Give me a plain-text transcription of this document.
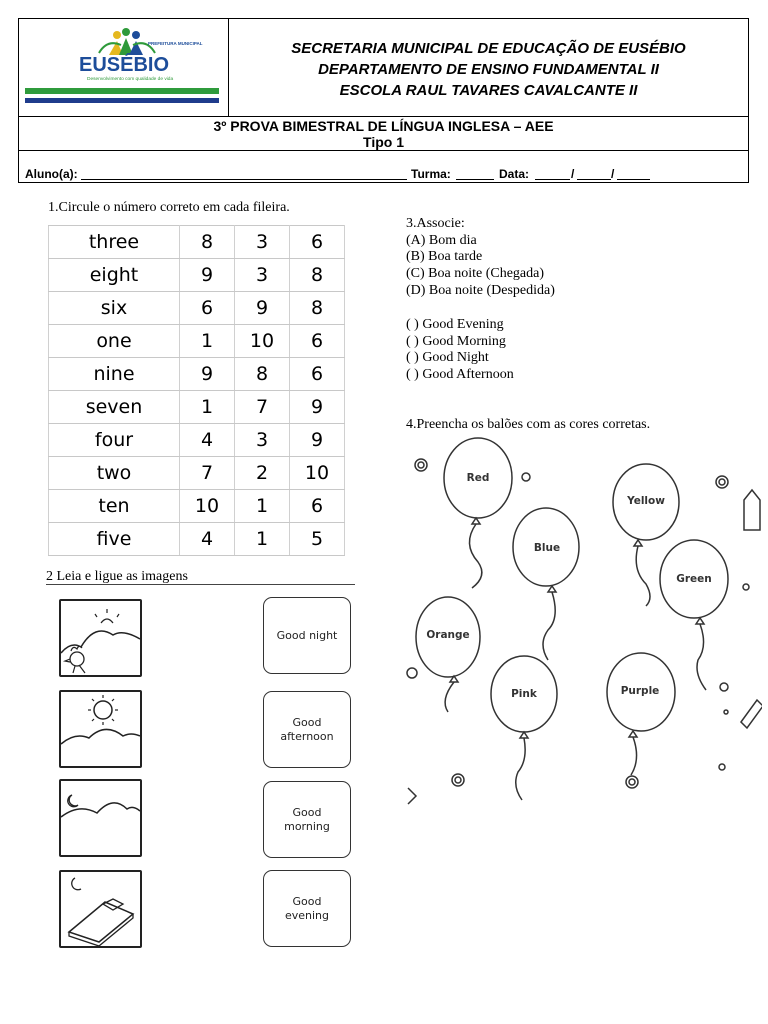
PREFEITURA MUNICIPAL
EUSÉBIO
Desenvolvimento com qualidade de vida
SECRETARIA MUNICIPAL DE EDUCAÇÃO DE EUSÉBIO
DEPARTAMENTO DE ENSINO FUNDAMENTAL II
ESCOLA RAUL TAVARES CAVALCANTE II
3º PROVA BIMESTRAL DE LÍNGUA INGLESA – AEE
Tipo 1
Aluno(a):	Turma:	Data:	/	/
1.Circule o número correto em cada fileira.
three	8	3	6
eight	9	3	8
six	6	9	8
one	1	10	6
nine	9	8	6
seven	1	7	9
four	4	3	9
two	7	2	10
ten	10	1	6
five	4	1	5
2 Leia e ligue as imagens
Good night
Good afternoon
Good morning
Good evening
3.Associe:
(A) Bom dia
(B) Boa tarde
(C) Boa noite (Chegada)
(D) Boa noite (Despedida)
( ) Good Evening
( ) Good Morning
( ) Good Night
( ) Good Afternoon
4.Preencha os balões com as cores corretas.
Red
Yellow
Blue
Green
Orange
Pink	Purple
